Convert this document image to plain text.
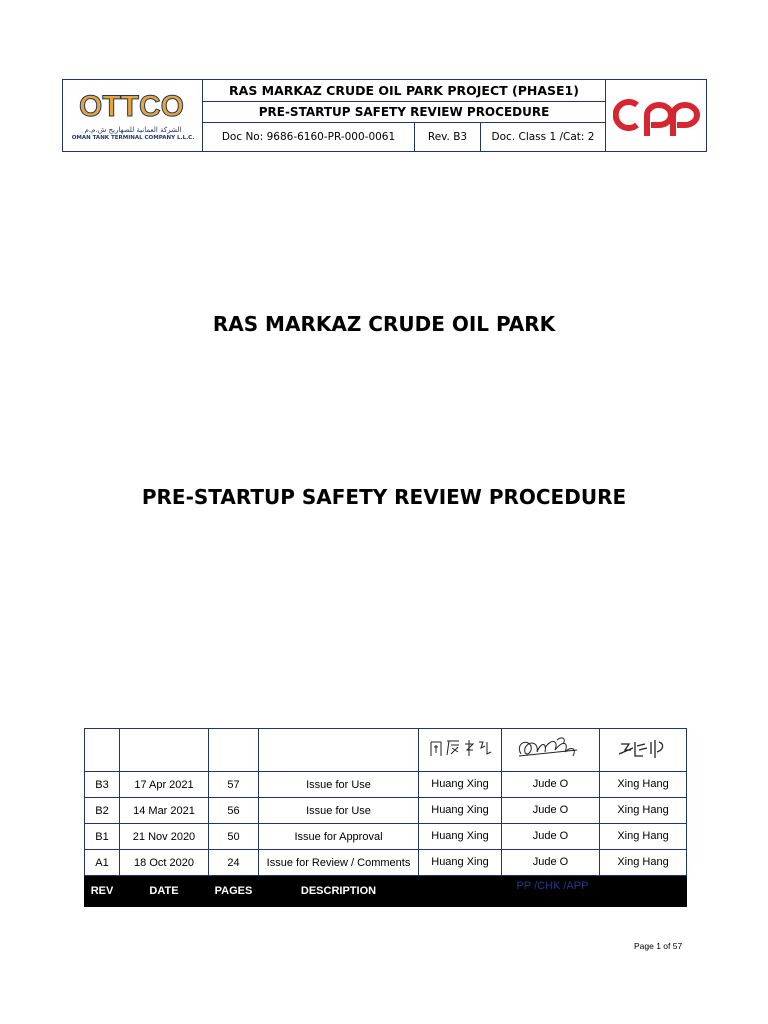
OTTCO
الشركة العمانية للصهاريج ش.م.م
OMAN TANK TERMINAL COMPANY L.L.C.
RAS MARKAZ CRUDE OIL PARK PROJECT (PHASE1)
PRE-STARTUP SAFETY REVIEW PROCEDURE
Doc No: 9686-6160-PR-000-0061	Rev. B3	Doc. Class 1 /Cat: 2
RAS MARKAZ CRUDE OIL PARK
PRE-STARTUP SAFETY REVIEW PROCEDURE

B3	17 Apr 2021	57	Issue for Use	Huang Xing	Jude O	Xing Hang
B2	14 Mar 2021	56	Issue for Use	Huang Xing	Jude O	Xing Hang
B1	21 Nov 2020	50	Issue for Approval	Huang Xing	Jude O	Xing Hang
A1	18 Oct 2020	24	Issue for Review / Comments	Huang Xing	Jude O	Xing Hang
REV	DATE	PAGES	DESCRIPTION	PP /CHK /APP		
Page 1 of 57
